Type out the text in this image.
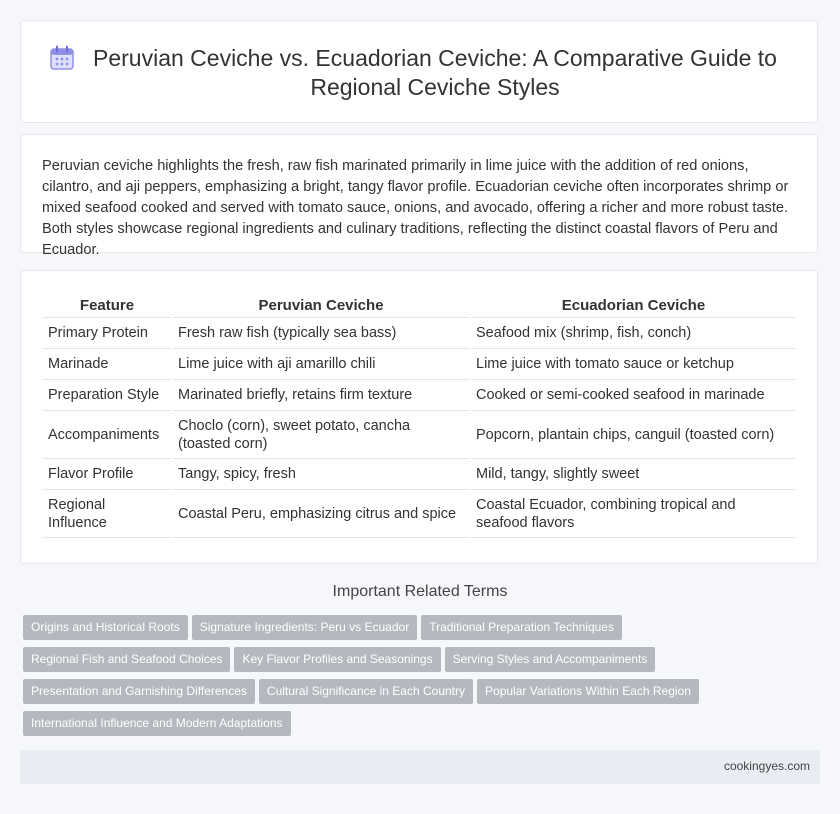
Peruvian Ceviche vs. Ecuadorian Ceviche: A Comparative Guide to Regional Ceviche Styles

Peruvian ceviche highlights the fresh, raw fish marinated primarily in lime juice with the addition of red onions, cilantro, and aji peppers, emphasizing a bright, tangy flavor profile. Ecuadorian ceviche often incorporates shrimp or mixed seafood cooked and served with tomato sauce, onions, and avocado, offering a richer and more robust taste. Both styles showcase regional ingredients and culinary traditions, reflecting the distinct coastal flavors of Peru and Ecuador.

Feature	Peruvian Ceviche	Ecuadorian Ceviche
Primary Protein	Fresh raw fish (typically sea bass)	Seafood mix (shrimp, fish, conch)
Marinade	Lime juice with aji amarillo chili	Lime juice with tomato sauce or ketchup
Preparation Style	Marinated briefly, retains firm texture	Cooked or semi-cooked seafood in marinade
Accompaniments	Choclo (corn), sweet potato, cancha (toasted corn)	Popcorn, plantain chips, canguil (toasted corn)
Flavor Profile	Tangy, spicy, fresh	Mild, tangy, slightly sweet
Regional Influence	Coastal Peru, emphasizing citrus and spice	Coastal Ecuador, combining tropical and seafood flavors
Important Related Terms
Origins and Historical Roots Signature Ingredients: Peru vs Ecuador Traditional Preparation Techniques
Regional Fish and Seafood Choices Key Flavor Profiles and Seasonings Serving Styles and Accompaniments
Presentation and Garnishing Differences Cultural Significance in Each Country Popular Variations Within Each Region
International Influence and Modern Adaptations
cookingyes.com
